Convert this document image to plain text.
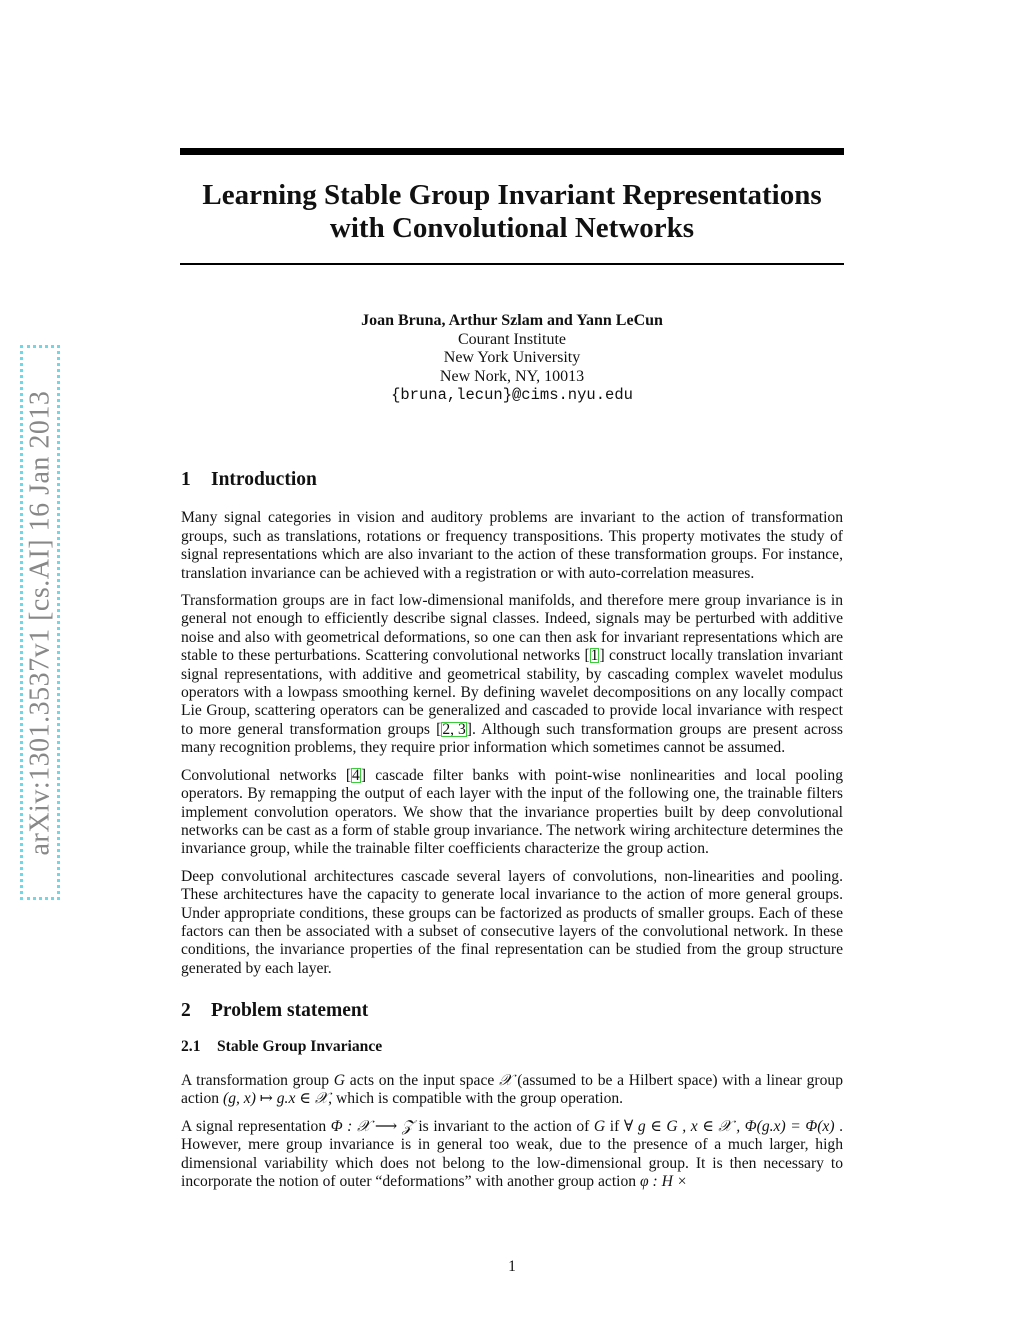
arXiv:1301.3537v1 [cs.AI] 16 Jan 2013
Learning Stable Group Invariant Representations
with Convolutional Networks
Joan Bruna, Arthur Szlam and Yann LeCun
Courant Institute
New York University
New Nork, NY, 10013
{bruna,lecun}@cims.nyu.edu
1 Introduction

Many signal categories in vision and auditory problems are invariant to the action of transformation groups, such as translations, rotations or frequency transpositions. This property motivates the study of signal representations which are also invariant to the action of these transformation groups. For instance, translation invariance can be achieved with a registration or with auto-correlation measures.

Transformation groups are in fact low-dimensional manifolds, and therefore mere group invariance is in general not enough to efficiently describe signal classes. Indeed, signals may be perturbed with additive noise and also with geometrical deformations, so one can then ask for invariant representations which are stable to these perturbations. Scattering convolutional networks [1] construct locally translation invariant signal representations, with additive and geometrical stability, by cascading complex wavelet modulus operators with a lowpass smoothing kernel. By defining wavelet decompositions on any locally compact Lie Group, scattering operators can be generalized and cascaded to provide local invariance with respect to more general transformation groups [2, 3]. Although such transformation groups are present across many recognition problems, they require prior information which sometimes cannot be assumed.

Convolutional networks [4] cascade filter banks with point-wise nonlinearities and local pooling operators. By remapping the output of each layer with the input of the following one, the trainable filters implement convolution operators. We show that the invariance properties built by deep convolutional networks can be cast as a form of stable group invariance. The network wiring architecture determines the invariance group, while the trainable filter coefficients characterize the group action.

Deep convolutional architectures cascade several layers of convolutions, non-linearities and pooling. These architectures have the capacity to generate local invariance to the action of more general groups. Under appropriate conditions, these groups can be factorized as products of smaller groups. Each of these factors can then be associated with a subset of consecutive layers of the convolutional network. In these conditions, the invariance properties of the final representation can be studied from the group structure generated by each layer.

2 Problem statement
2.1 Stable Group Invariance

A transformation group G acts on the input space 𝒳 (assumed to be a Hilbert space) with a linear group action (g, x) ↦ g.x ∈ 𝒳, which is compatible with the group operation.

A signal representation Φ : 𝒳 ⟶ 𝒵 is invariant to the action of G if ∀ g ∈ G , x ∈ 𝒳 , Φ(g.x) = Φ(x) . However, mere group invariance is in general too weak, due to the presence of a much larger, high dimensional variability which does not belong to the low-dimensional group. It is then necessary to incorporate the notion of outer “deformations” with another group action φ : H ×

1
